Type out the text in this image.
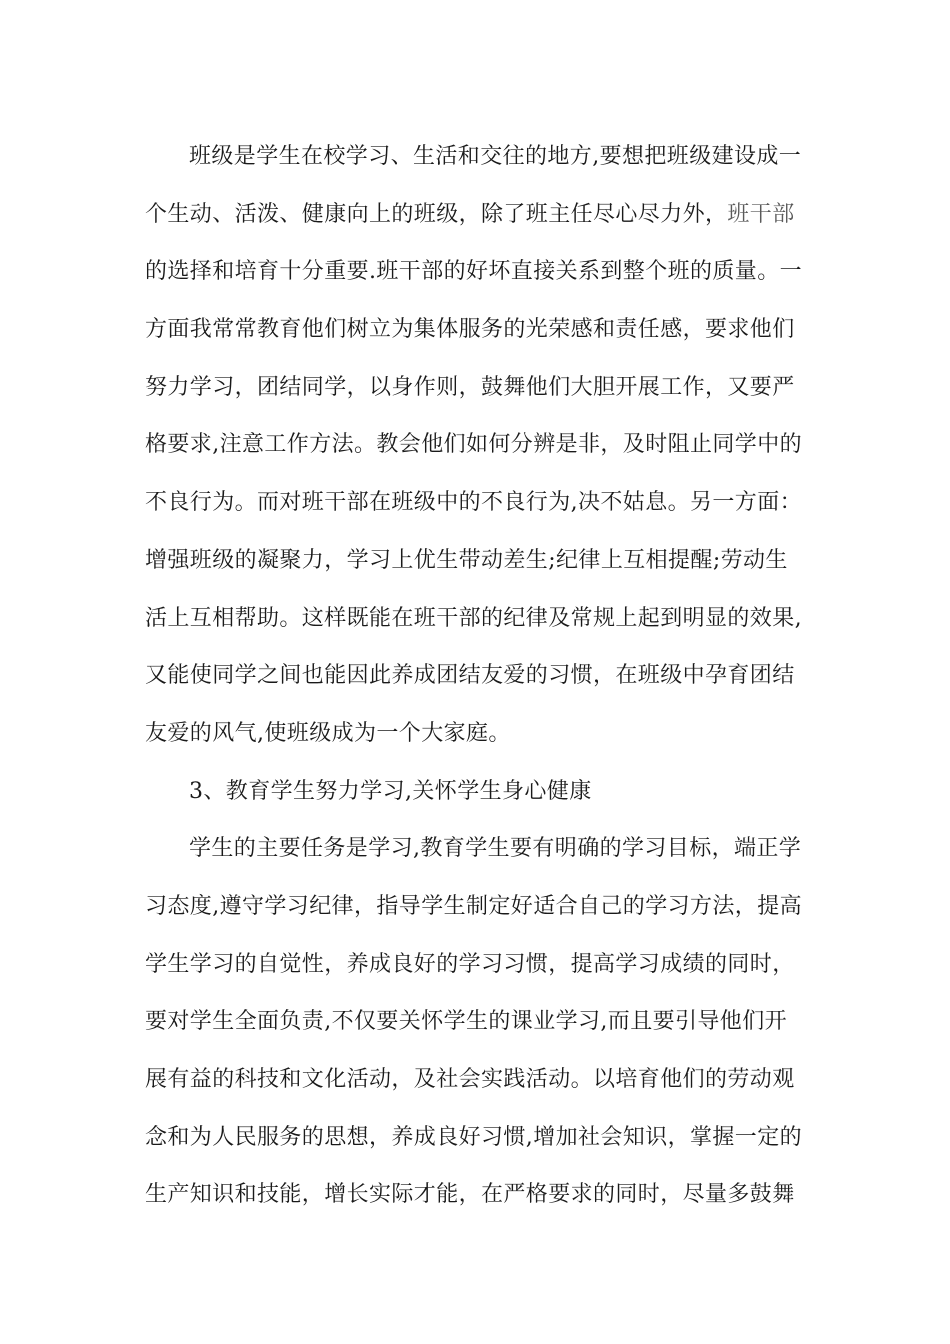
班级是学生在校学习、生活和交往的地方,要想把班级建设成一
个生动、活泼、健康向上的班级，除了班主任尽心尽力外，班干部
的选择和培育十分重要.班干部的好坏直接关系到整个班的质量。一
方面我常常教育他们树立为集体服务的光荣感和责任感，要求他们
努力学习，团结同学，以身作则，鼓舞他们大胆开展工作，又要严
格要求,注意工作方法。教会他们如何分辨是非，及时阻止同学中的
不良行为。而对班干部在班级中的不良行为,决不姑息。另一方面：
增强班级的凝聚力，学习上优生带动差生;纪律上互相提醒;劳动生
活上互相帮助。这样既能在班干部的纪律及常规上起到明显的效果,
又能使同学之间也能因此养成团结友爱的习惯，在班级中孕育团结
友爱的风气,使班级成为一个大家庭。
3、教育学生努力学习,关怀学生身心健康
学生的主要任务是学习,教育学生要有明确的学习目标，端正学
习态度,遵守学习纪律，指导学生制定好适合自己的学习方法，提高
学生学习的自觉性，养成良好的学习习惯，提高学习成绩的同时，
要对学生全面负责,不仅要关怀学生的课业学习,而且要引导他们开
展有益的科技和文化活动，及社会实践活动。以培育他们的劳动观
念和为人民服务的思想，养成良好习惯,增加社会知识，掌握一定的
生产知识和技能，增长实际才能，在严格要求的同时，尽量多鼓舞
